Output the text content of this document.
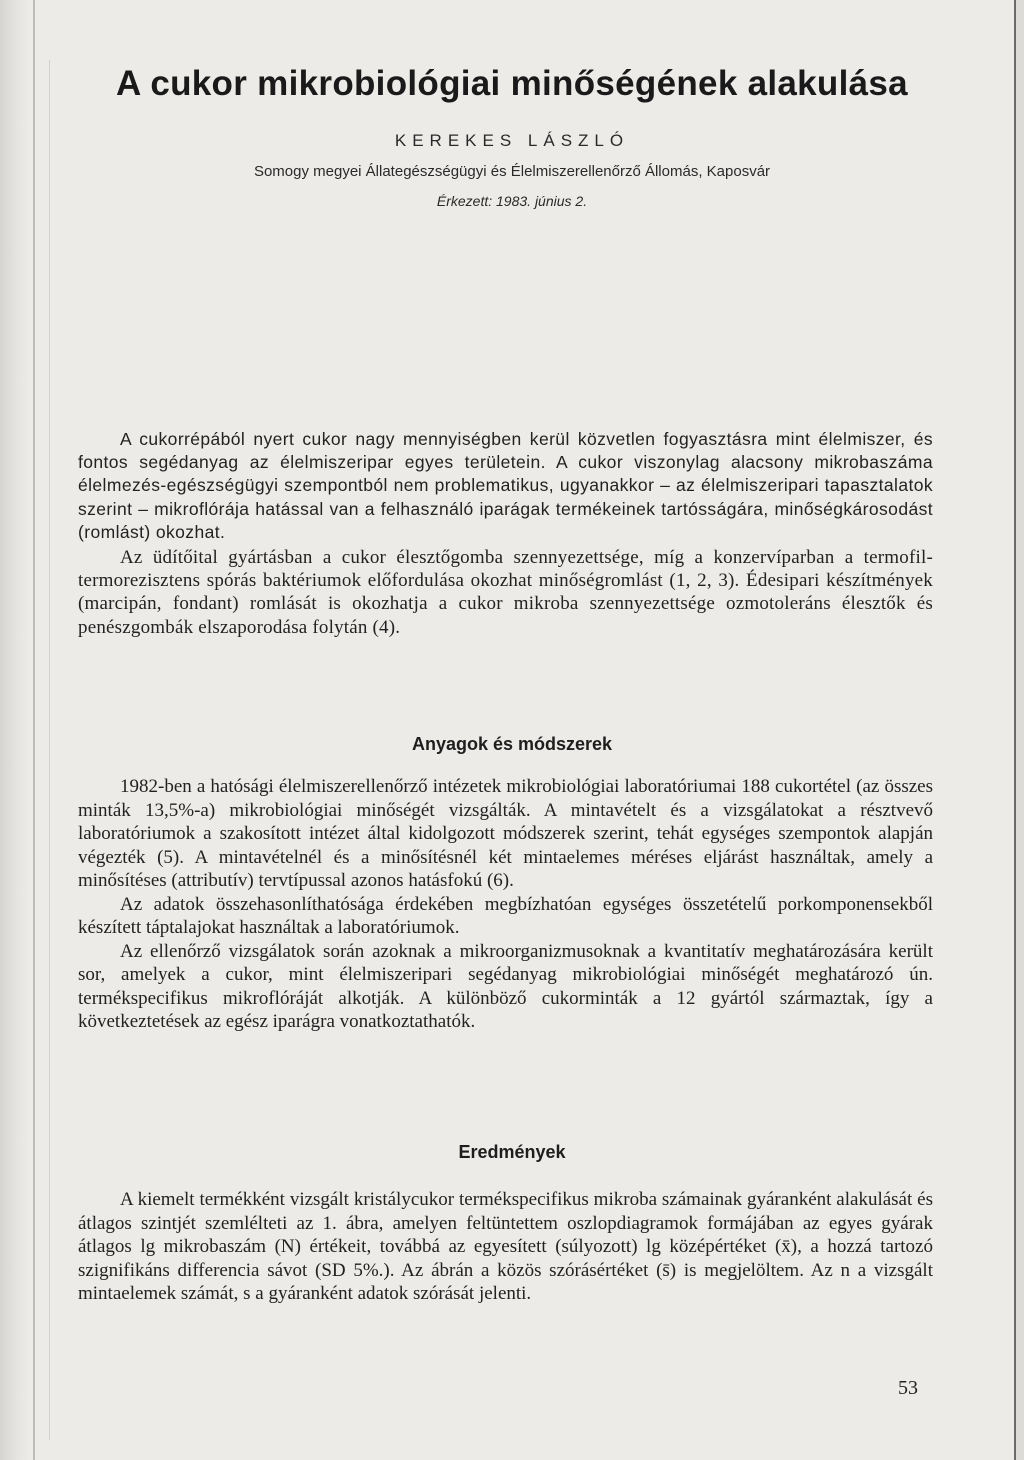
A cukor mikrobiológiai minőségének alakulása
KEREKES LÁSZLÓ
Somogy megyei Állategészségügyi és Élelmiszerellenőrző Állomás, Kaposvár
Érkezett: 1983. június 2.

A cukorrépából nyert cukor nagy mennyiségben kerül közvetlen fogyasztásra mint élelmiszer, és fontos segédanyag az élelmiszeripar egyes területein. A cukor viszonylag alacsony mikrobaszáma élelmezés-egészségügyi szempontból nem problematikus, ugyanakkor – az élelmiszeripari tapasztalatok szerint – mikroflórája hatással van a felhasználó iparágak termékeinek tartósságára, minőségkárosodást (romlást) okozhat.

Az üdítőital gyártásban a cukor élesztőgomba szennyezettsége, míg a konzervíparban a termofil-termorezisztens spórás baktériumok előfordulása okozhat minőségromlást (1, 2, 3). Édesipari készítmények (marcipán, fondant) romlását is okozhatja a cukor mikroba szennyezettsége ozmotoleráns élesztők és penészgombák elszaporodása folytán (4).

Anyagok és módszerek

1982-ben a hatósági élelmiszerellenőrző intézetek mikrobiológiai laboratóriumai 188 cukortétel (az összes minták 13,5%-a) mikrobiológiai minőségét vizsgálták. A mintavételt és a vizsgálatokat a résztvevő laboratóriumok a szakosított intézet által kidolgozott módszerek szerint, tehát egységes szempontok alapján végezték (5). A mintavételnél és a minősítésnél két mintaelemes méréses eljárást használtak, amely a minősítéses (attributív) tervtípussal azonos hatásfokú (6).

Az adatok összehasonlíthatósága érdekében megbízhatóan egységes összetételű porkomponensekből készített táptalajokat használtak a laboratóriumok.

Az ellenőrző vizsgálatok során azoknak a mikroorganizmusoknak a kvantitatív meghatározására került sor, amelyek a cukor, mint élelmiszeripari segédanyag mikrobiológiai minőségét meghatározó ún. termékspecifikus mikroflóráját alkotják. A különböző cukorminták a 12 gyártól származtak, így a következtetések az egész iparágra vonatkoztathatók.

Eredmények

A kiemelt termékként vizsgált kristálycukor termékspecifikus mikroba számainak gyáranként alakulását és átlagos szintjét szemlélteti az 1. ábra, amelyen feltüntettem oszlopdiagramok formájában az egyes gyárak átlagos lg mikrobaszám (N) értékeit, továbbá az egyesített (súlyozott) lg középértéket (x̄), a hozzá tartozó szignifikáns differencia sávot (SD 5%.). Az ábrán a közös szórásértéket (s̄) is megjelöltem. Az n a vizsgált mintaelemek számát, s a gyáranként adatok szórását jelenti.

53
